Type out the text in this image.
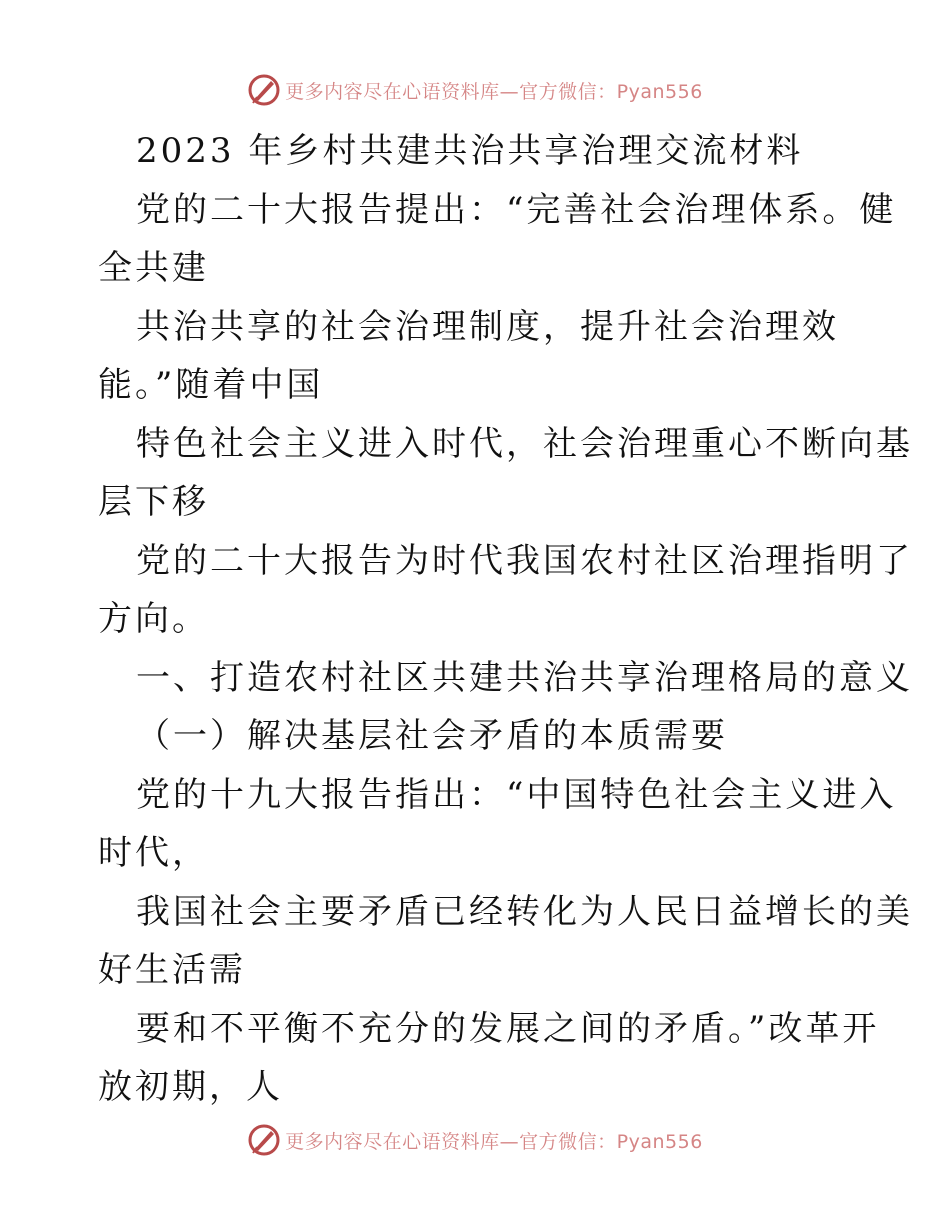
更多内容尽在心语资料库—官方微信：Pyan556
2023 年乡村共建共治共享治理交流材料
党的二十大报告提出：“完善社会治理体系。健
全共建
共治共享的社会治理制度，提升社会治理效
能。”随着中国
特色社会主义进入时代，社会治理重心不断向基
层下移
党的二十大报告为时代我国农村社区治理指明了
方向。
一、打造农村社区共建共治共享治理格局的意义
（一）解决基层社会矛盾的本质需要
党的十九大报告指出：“中国特色社会主义进入
时代，
我国社会主要矛盾已经转化为人民日益增长的美
好生活需
要和不平衡不充分的发展之间的矛盾。”改革开
放初期，人
更多内容尽在心语资料库—官方微信：Pyan556
